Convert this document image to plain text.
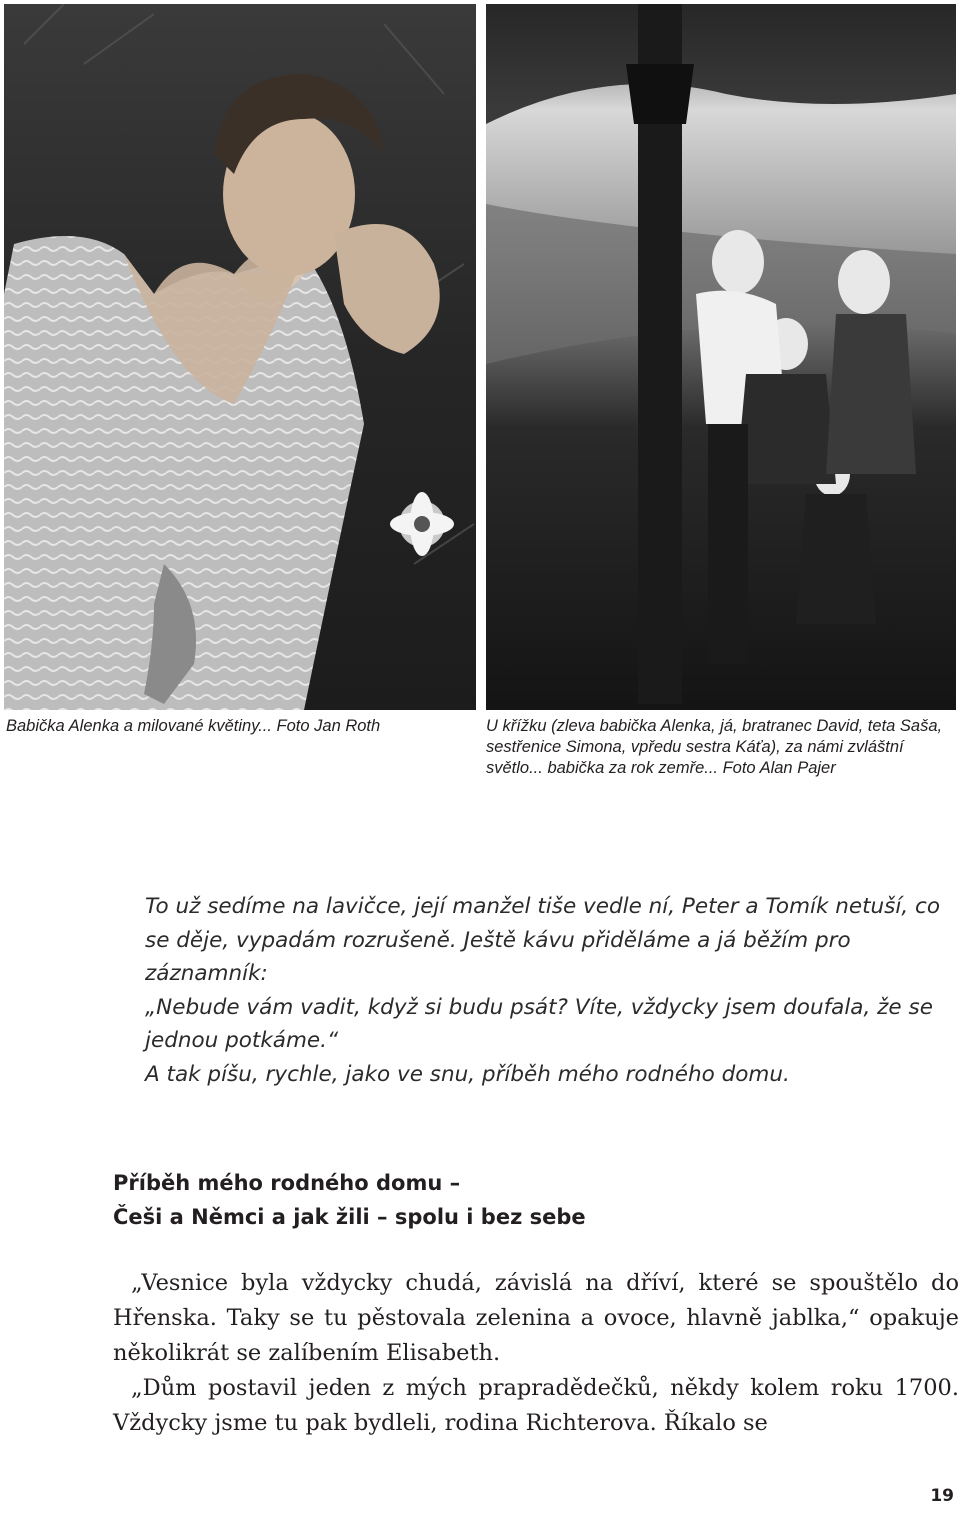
Babička Alenka a milované květiny... Foto Jan Roth	U křížku (zleva babička Alenka, já, bratranec David, teta Saša, sestřenice Simona, vpředu sestra Káťa), za námi zvláštní světlo... babička za rok zemře... Foto Alan Pajer

To už sedíme na lavičce, její manžel tiše vedle ní, Peter a Tomík netuší, co se děje, vypadám rozrušeně. Ještě kávu přiděláme a já běžím pro záznamník:

„Nebude vám vadit, když si budu psát? Víte, vždycky jsem doufala, že se jednou potkáme.“

A tak píšu, rychle, jako ve snu, příběh mého rodného domu.

Příběh mého rodného domu –

Češi a Němci a jak žili – spolu i bez sebe

„Vesnice byla vždycky chudá, závislá na dříví, které se spouštělo do Hřenska. Taky se tu pěstovala zelenina a ovoce, hlavně jablka,“ opakuje několikrát se zalíbením Elisabeth.

„Dům postavil jeden z mých prapradědečků, někdy kolem roku 1700. Vždycky jsme tu pak bydleli, rodina Richterova. Říkalo se

19
